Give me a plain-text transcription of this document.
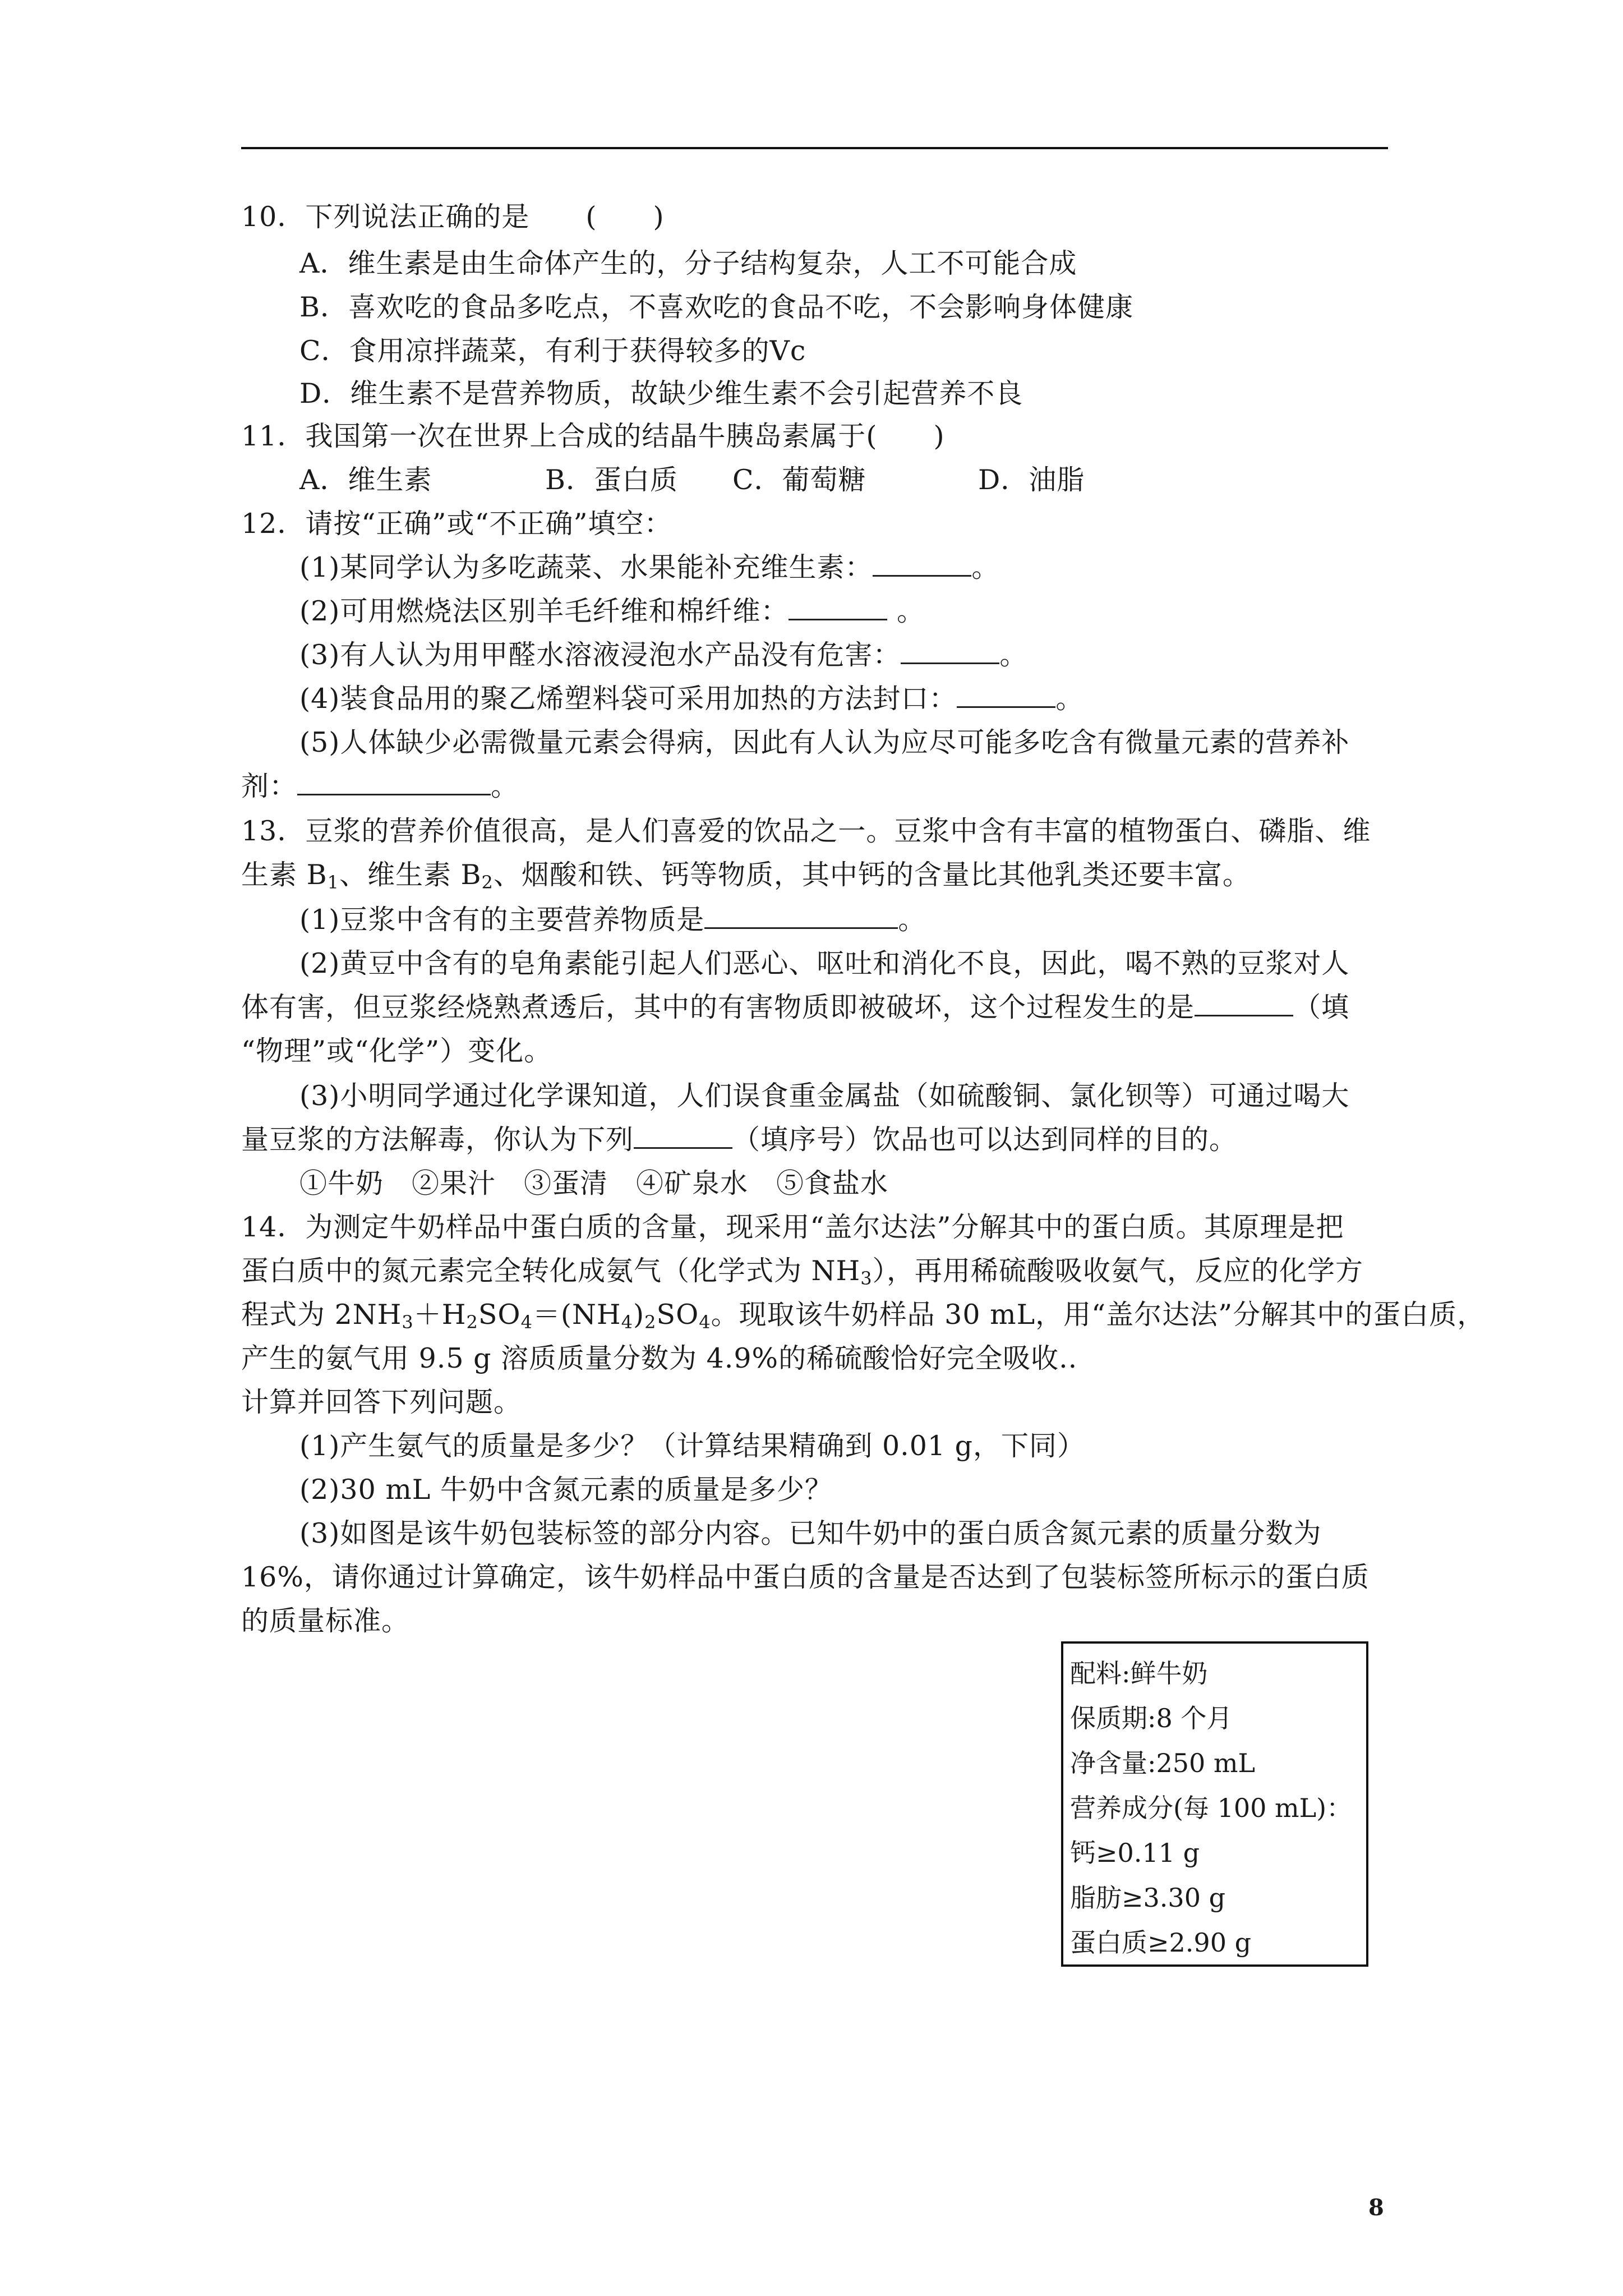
10．下列说法正确的是　　(　　)
A．维生素是由生命体产生的，分子结构复杂，人工不可能合成
B．喜欢吃的食品多吃点，不喜欢吃的食品不吃，不会影响身体健康
C．食用凉拌蔬菜，有利于获得较多的Vc
D．维生素不是营养物质，故缺少维生素不会引起营养不良
11．我国第一次在世界上合成的结晶牛胰岛素属于(　　)
A．维生素	B．蛋白质 C．葡萄糖	D．油脂
12．请按“正确”或“不正确”填空：
(1)某同学认为多吃蔬菜、水果能补充维生素：	。
(2)可用燃烧法区别羊毛纤维和棉纤维：	。
(3)有人认为用甲醛水溶液浸泡水产品没有危害：	。
(4)装食品用的聚乙烯塑料袋可采用加热的方法封口：	。
(5)人体缺少必需微量元素会得病，因此有人认为应尽可能多吃含有微量元素的营养补
剂：	。
13．豆浆的营养价值很高，是人们喜爱的饮品之一。豆浆中含有丰富的植物蛋白、磷脂、维
生素 $B_1$、维生素 $B_2$、烟酸和铁、钙等物质，其中钙的含量比其他乳类还要丰富。
(1)豆浆中含有的主要营养物质是	。
(2)黄豆中含有的皂角素能引起人们恶心、呕吐和消化不良，因此，喝不熟的豆浆对人
体有害，但豆浆经烧熟煮透后，其中的有害物质即被破坏，这个过程发生的是	（填
“物理”或“化学”）变化。
(3)小明同学通过化学课知道，人们误食重金属盐（如硫酸铜、氯化钡等）可通过喝大
量豆浆的方法解毒，你认为下列	（填序号）饮品也可以达到同样的目的。
①牛奶　②果汁　③蛋清　④矿泉水　⑤食盐水
14．为测定牛奶样品中蛋白质的含量，现采用“盖尔达法”分解其中的蛋白质。其原理是把
蛋白质中的氮元素完全转化成氨气（化学式为 $NH_3$），再用稀硫酸吸收氨气，反应的化学方
程式为 $2NH_3+H_2SO_4=(NH_4)_2SO_4$。现取该牛奶样品 30 mL，用“盖尔达法”分解其中的蛋白质，
产生的氨气用 9.5 g 溶质质量分数为 4.9%的稀硫酸恰好完全吸收..
计算并回答下列问题。
(1)产生氨气的质量是多少？（计算结果精确到 0.01 g，下同）
(2)30 mL 牛奶中含氮元素的质量是多少？
(3)如图是该牛奶包装标签的部分内容。已知牛奶中的蛋白质含氮元素的质量分数为
16%，请你通过计算确定，该牛奶样品中蛋白质的含量是否达到了包装标签所标示的蛋白质
的质量标准。
配料:鲜牛奶
保质期:8 个月
净含量:250 mL
营养成分(每 100 mL)：
钙≥0.11 g
脂肪≥3.30 g
蛋白质≥2.90 g
8
